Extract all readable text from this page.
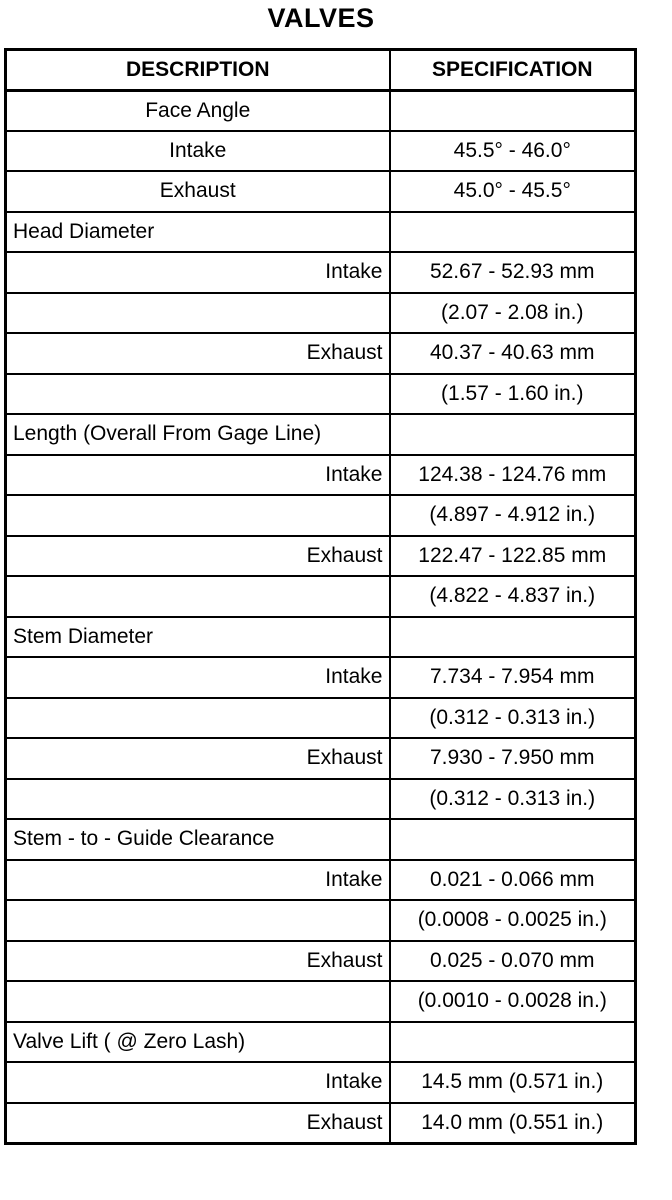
VALVES
DESCRIPTION	SPECIFICATION
Face Angle	
Intake	45.5° - 46.0°
Exhaust	45.0° - 45.5°
Head Diameter	
Intake	52.67 - 52.93 mm
	(2.07 - 2.08 in.)
Exhaust	40.37 - 40.63 mm
	(1.57 - 1.60 in.)
Length (Overall From Gage Line)	
Intake	124.38 - 124.76 mm
	(4.897 - 4.912 in.)
Exhaust	122.47 - 122.85 mm
	(4.822 - 4.837 in.)
Stem Diameter	
Intake	7.734 - 7.954 mm
	(0.312 - 0.313 in.)
Exhaust	7.930 - 7.950 mm
	(0.312 - 0.313 in.)
Stem - to - Guide Clearance	
Intake	0.021 - 0.066 mm
	(0.0008 - 0.0025 in.)
Exhaust	0.025 - 0.070 mm
	(0.0010 - 0.0028 in.)
Valve Lift ( @ Zero Lash)	
Intake	14.5 mm (0.571 in.)
Exhaust	14.0 mm (0.551 in.)
